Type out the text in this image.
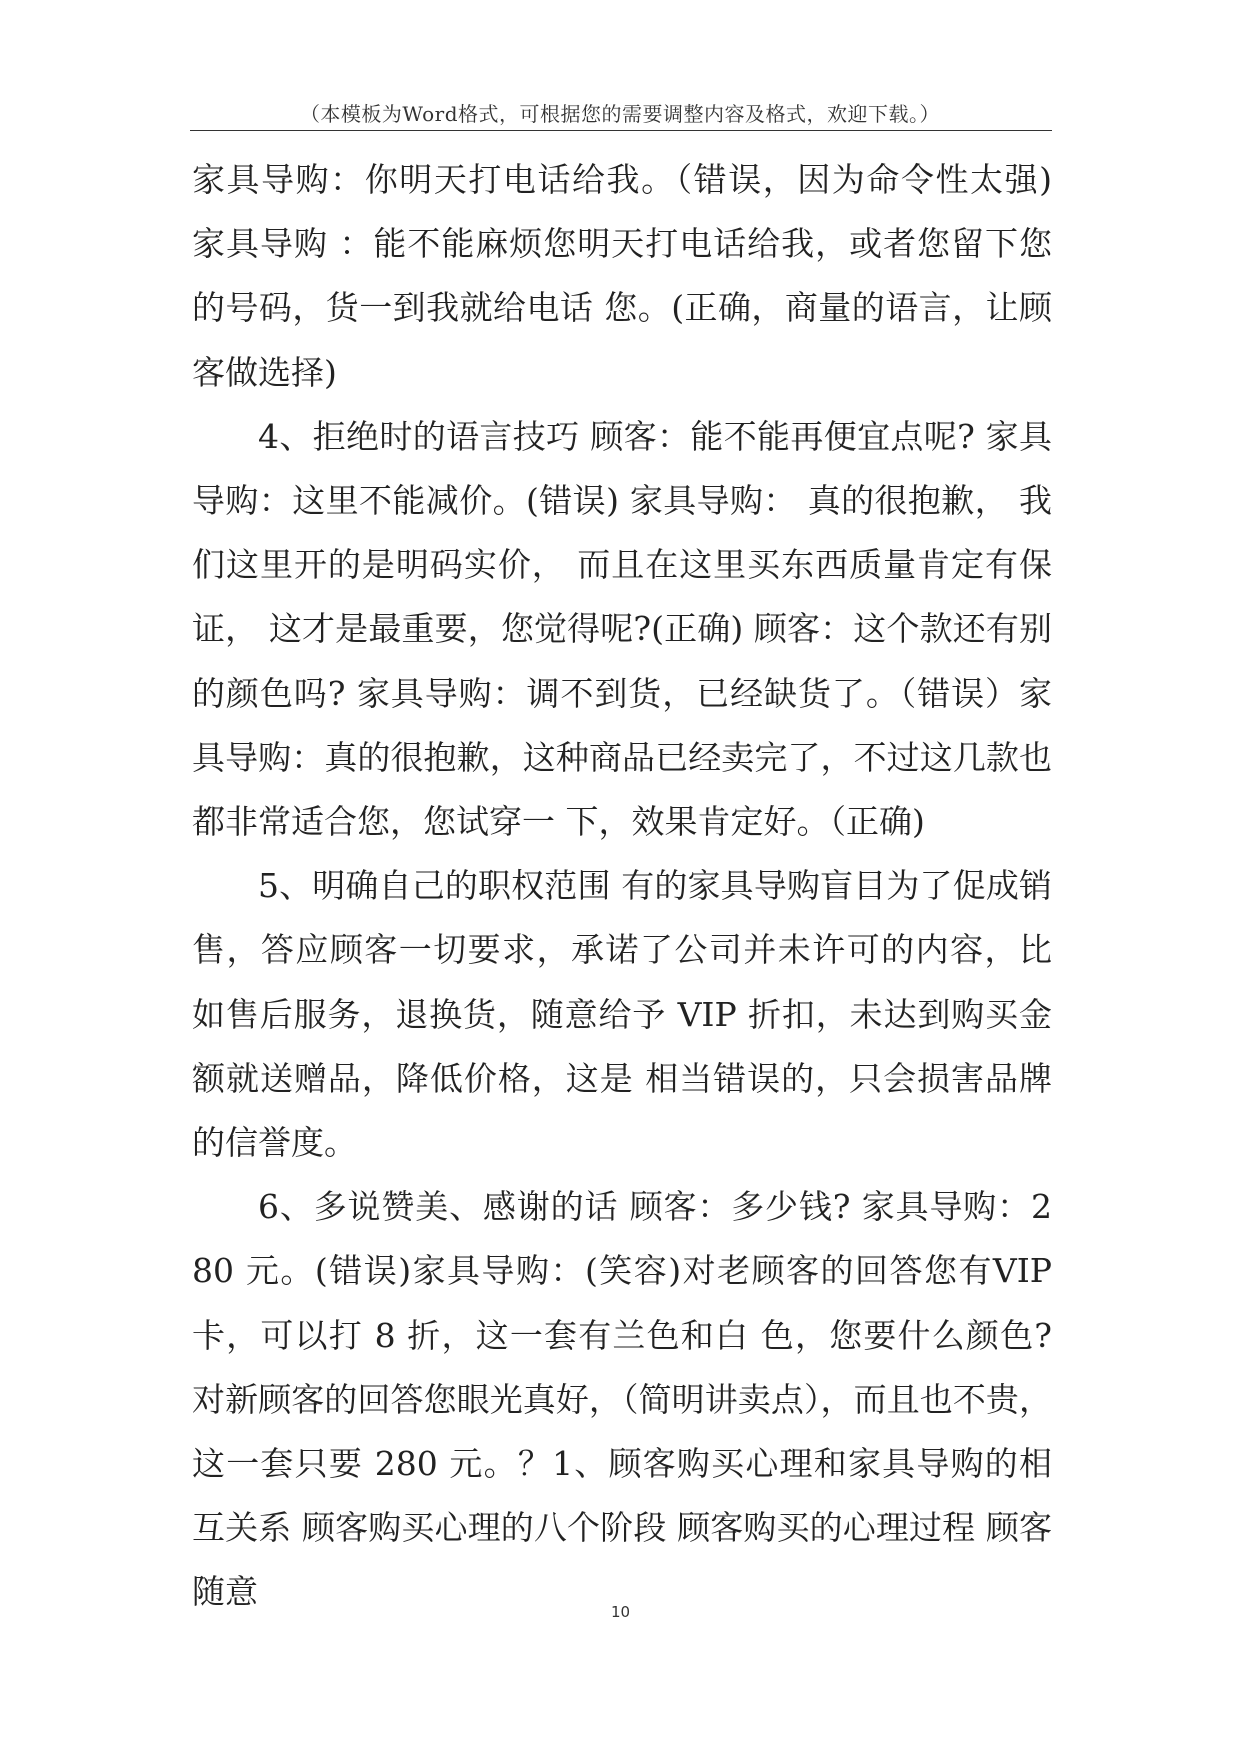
（本模板为Word格式，可根据您的需要调整内容及格式，欢迎下载。）

家具导购：你明天打电话给我。（错误，因为命令性太强) 家具导购 ：能不能麻烦您明天打电话给我，或者您留下您的号码，货一到我就给电话 您。(正确，商量的语言，让顾客做选择)

4、拒绝时的语言技巧 顾客：能不能再便宜点呢? 家具导购：这里不能减价。(错误) 家具导购： 真的很抱歉， 我们这里开的是明码实价， 而且在这里买东西质量肯定有保证， 这才是最重要，您觉得呢?(正确) 顾客：这个款还有别的颜色吗? 家具导购：调不到货，已经缺货了。（错误）家具导购：真的很抱歉，这种商品已经卖完了，不过这几款也都非常适合您，您试穿一 下，效果肯定好。（正确)

5、明确自己的职权范围 有的家具导购盲目为了促成销售，答应顾客一切要求，承诺了公司并未许可的内容，比 如售后服务，退换货，随意给予 VIP 折扣，未达到购买金额就送赠品，降低价格，这是 相当错误的，只会损害品牌的信誉度。

6、多说赞美、感谢的话 顾客：多少钱? 家具导购：280 元。(错误)家具导购：(笑容)对老顾客的回答您有VIP卡，可以打 8 折，这一套有兰色和白 色，您要什么颜色? 对新顾客的回答您眼光真好，（简明讲卖点），而且也不贵，这一套只要 280 元。？1、顾客购买心理和家具导购的相互关系 顾客购买心理的八个阶段 顾客购买的心理过程 顾客随意

10
